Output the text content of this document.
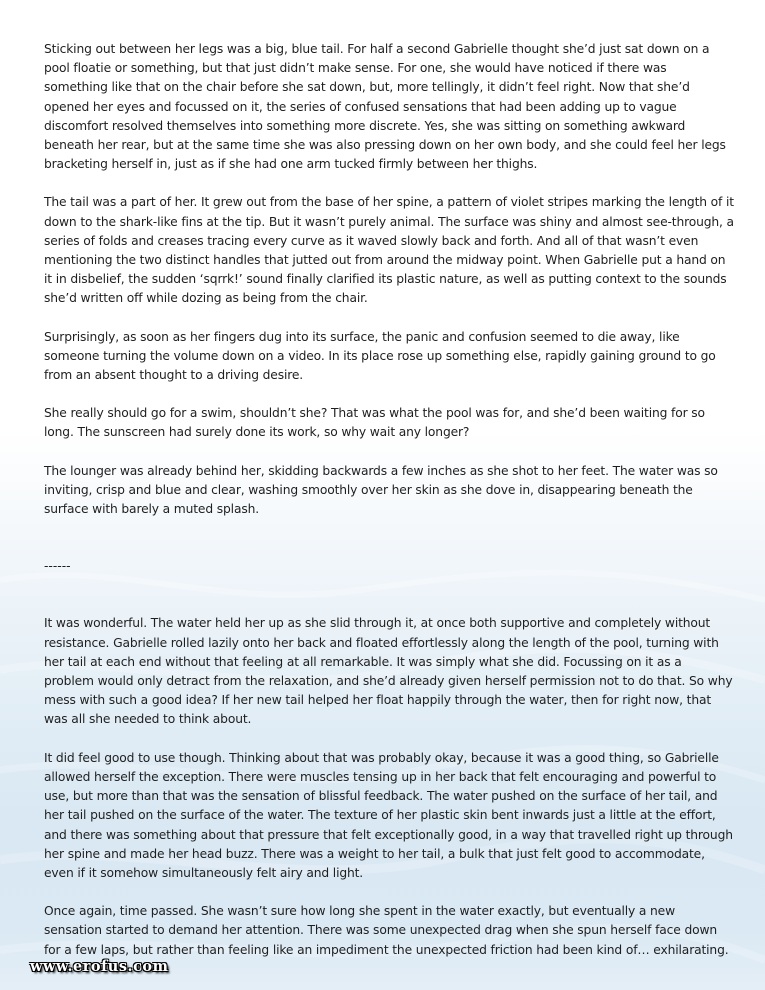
Sticking out between her legs was a big, blue tail. For half a second Gabrielle thought she’d just sat down on a pool floatie or something, but that just didn’t make sense. For one, she would have noticed if there was something like that on the chair before she sat down, but, more tellingly, it didn’t feel right. Now that she’d opened her eyes and focussed on it, the series of confused sensations that had been adding up to vague discomfort resolved themselves into something more discrete. Yes, she was sitting on something awkward beneath her rear, but at the same time she was also pressing down on her own body, and she could feel her legs bracketing herself in, just as if she had one arm tucked firmly between her thighs.

The tail was a part of her. It grew out from the base of her spine, a pattern of violet stripes marking the length of it down to the shark-like fins at the tip. But it wasn’t purely animal. The surface was shiny and almost see-through, a series of folds and creases tracing every curve as it waved slowly back and forth. And all of that wasn’t even mentioning the two distinct handles that jutted out from around the midway point. When Gabrielle put a hand on it in disbelief, the sudden ‘sqrrk!’ sound finally clarified its plastic nature, as well as putting context to the sounds she’d written off while dozing as being from the chair.

Surprisingly, as soon as her fingers dug into its surface, the panic and confusion seemed to die away, like someone turning the volume down on a video. In its place rose up something else, rapidly gaining ground to go from an absent thought to a driving desire.

She really should go for a swim, shouldn’t she? That was what the pool was for, and she’d been waiting for so long. The sunscreen had surely done its work, so why wait any longer?

The lounger was already behind her, skidding backwards a few inches as she shot to her feet. The water was so inviting, crisp and blue and clear, washing smoothly over her skin as she dove in, disappearing beneath the surface with barely a muted splash.

------

It was wonderful. The water held her up as she slid through it, at once both supportive and completely without resistance. Gabrielle rolled lazily onto her back and floated effortlessly along the length of the pool, turning with her tail at each end without that feeling at all remarkable. It was simply what she did. Focussing on it as a problem would only detract from the relaxation, and she’d already given herself permission not to do that. So why mess with such a good idea? If her new tail helped her float happily through the water, then for right now, that was all she needed to think about.

It did feel good to use though. Thinking about that was probably okay, because it was a good thing, so Gabrielle allowed herself the exception. There were muscles tensing up in her back that felt encouraging and powerful to use, but more than that was the sensation of blissful feedback. The water pushed on the surface of her tail, and her tail pushed on the surface of the water. The texture of her plastic skin bent inwards just a little at the effort, and there was something about that pressure that felt exceptionally good, in a way that travelled right up through her spine and made her head buzz. There was a weight to her tail, a bulk that just felt good to accommodate, even if it somehow simultaneously felt airy and light.

Once again, time passed. She wasn’t sure how long she spent in the water exactly, but eventually a new sensation started to demand her attention. There was some unexpected drag when she spun herself face down for a few laps, but rather than feeling like an impediment the unexpected friction had been kind of… exhilarating.

www.erofus.com
